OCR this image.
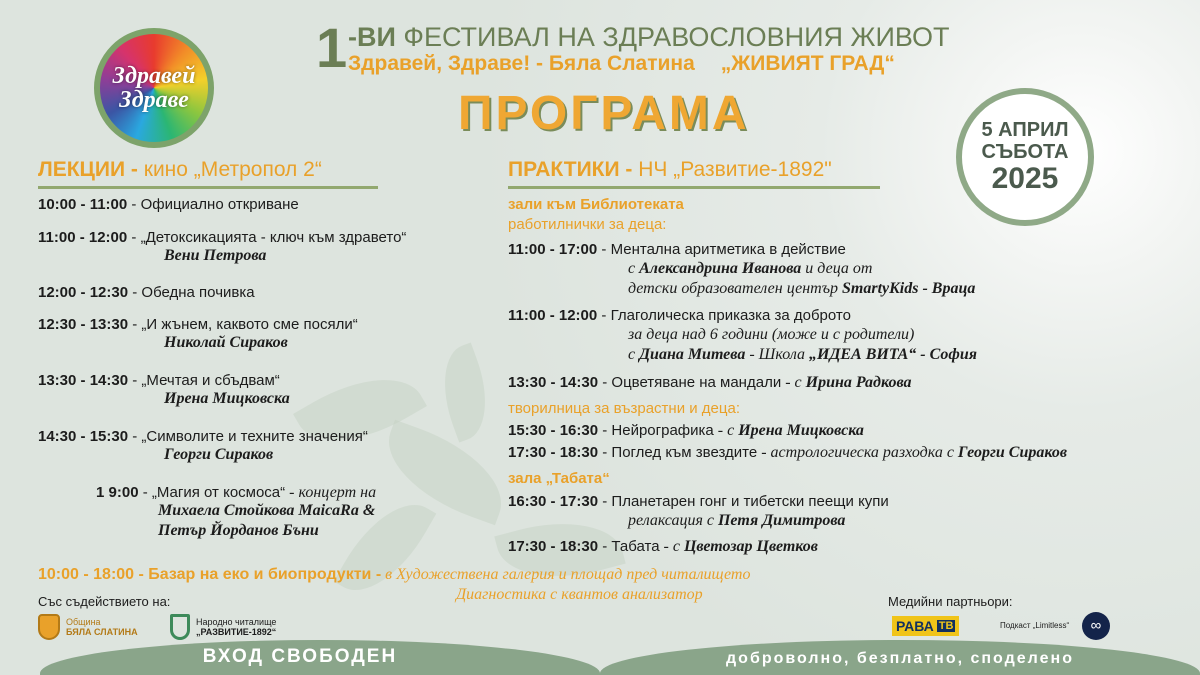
Здравей
Здраве
1 -ВИ ФЕСТИВАЛ НА ЗДРАВОСЛОВНИЯ ЖИВОТ
Здравей, Здраве! - Бяла Слатина „ЖИВИЯТ ГРАД“
ПРОГРАМА	5 АПРИЛ
СЪБОТА
2025
ЛЕКЦИИ - кино „Метропол 2“
10:00 - 11:00 - Официално откриване
11:00 - 12:00 - „Детоксикацията - ключ към здравето“
Вени Петрова
12:00 - 12:30 - Обедна почивка
12:30 - 13:30 - „И жънем, каквото сме посяли“
Николай Сираков
13:30 - 14:30 - „Мечтая и сбъдвам“
Ирена Мицковска
14:30 - 15:30 - „Символите и техните значения“
Георги Сираков
1 9:00 - „Магия от космоса“ - концерт на
Михаела Стойкова MaicaRa &
Петър Йорданов Бъни
ПРАКТИКИ - НЧ „Развитие-1892"
зали към Библиотеката
работилнички за деца:
11:00 - 17:00 - Ментална аритметика в действие
с Александрина Иванова и деца от
детски образователен център SmartyKids - Враца
11:00 - 12:00 - Глаголическа приказка за доброто
за деца над 6 години (може и с родители)
с Диана Митева - Школа „ИДЕА ВИТА“ - София
13:30 - 14:30 - Оцветяване на мандали - с Ирина Радкова
творилница за възрастни и деца:
15:30 - 16:30 - Нейрографика - с Ирена Мицковска
17:30 - 18:30 - Поглед към звездите - астрологическа разходка с Георги Сираков
зала „Табата“
16:30 - 17:30 - Планетарен гонг и тибетски пеещи купи
релаксация с Петя Димитрова
17:30 - 18:30 - Табата - с Цветозар Цветков
10:00 - 18:00 - Базар на еко и биопродукти - в Художествена галерия и площад пред читалището
Диагностика с квантов анализатор
Със съдействието на:
Община
БЯЛА СЛАТИНА
Народно читалище
„РАЗВИТИЕ-1892“
Медийни партньори:
РАВА ТВ	Подкаст „Limitless“	∞
ВХОД СВОБОДЕН	доброволно, безплатно, споделено
